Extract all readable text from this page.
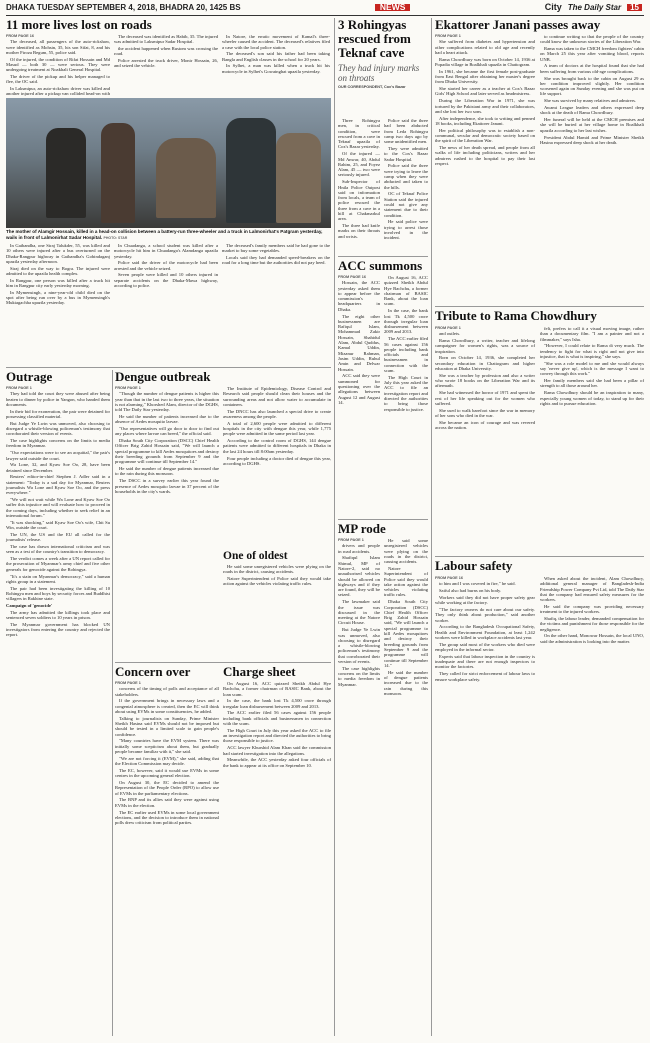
DHAKA TUESDAY SEPTEMBER 4, 2018, BHADRA 20, 1425 BS	NEWS	City The Daily Star	15
11 more lives lost on roads
FROM PAGE 16

The deceased, all passengers of the auto-rickshaw, were identified as Mohsin, 35, his son Sifat, 8, and his mother Firoza Begum, 55, police said.

Of the injured, the condition of Rifat Hossain and Md Masud — both 30 — were serious. They were undergoing treatment at Noakhali General Hospital.

The driver of the pickup and his helper managed to flee, the OC said.

In Laksmipur, an auto-rickshaw driver was killed and another injured after a pickup van collided head-on with

The deceased was identified as Habib, 35. The injured was admitted to Laksmipur Sadar Hospital.

the accident happened when Rustom was crossing the road.

Police arrested the truck driver, Monir Hossain, 26, and seized the vehicle.

In Natore, the erratic movement of Kamal's three-wheeler caused the accident. The deceased's relatives filed a case with the local police station.

The deceased's son said his father had been taking Bangla and English classes in the school for 20 years.

In Sylhet, a man was killed when a truck hit his motorcycle in Sylhet's Gowainghat upazila yesterday.

The mother of Alamgir Hossain, killed in a head-on collision between a battery-run three-wheeler and a truck in Lalmonirhat's Patgram yesterday, wails in front of Lalmonirhat Sadar Hospital. PHOTO: STAR

In Gaibandha, one Siraj Talukder, 55, was killed and 10 others were injured after a bus overturned on the Dhaka-Rangpur highway in Gaibandha's Gobindaganj upazila yesterday afternoon.

Siraj died on the way to Bogra. The injured were admitted to the upazila health complex.

In Rangpur, one person was killed after a truck hit him in Rangpur city early yesterday morning.

In Mymensingh, a nine-year-old child died on the spot after being run over by a bus in Mymensingh's Muktagachha upazila yesterday.

In Chuadanga, a school student was killed after a motorcycle hit him in Chuadanga's Alamdanga upazila yesterday.

Police said the driver of the motorcycle had been arrested and the vehicle seized.

Seven people were killed and 10 others injured in separate accidents on the Dhaka-Mawa highway, according to police.

The deceased's family members said he had gone to the market to buy some vegetables.

Locals said they had demanded speed-breakers on the road for a long time but the authorities did not pay heed.

Outrage
FROM PAGE 1

They had told the court they were abused after being beaten to dinner by police in Yangon, who handed them documents.

In their bid for exoneration, the pair were detained for possessing classified material.

But Judge Ye Lwin was unmoved, also choosing to disregard a whistle-blowing policeman's testimony that corroborated their version of events.

The case highlights concerns on the limits to media freedom in Myanmar.

"Our expectations were to see an acquittal," the pair's lawyer said outside the court.

Wa Lone, 32, and Kyaw Soe Oo, 28, have been detained since December.

Reuters' editor-in-chief Stephen J. Adler said in a statement: "Today is a sad day for Myanmar, Reuters journalists Wa Lone and Kyaw Soe Oo, and the press everywhere."

"We will not wait while Wa Lone and Kyaw Soe Oo suffer this injustice and will evaluate how to proceed in the coming days, including whether to seek relief in an international forum."

"It was shocking," said Kyaw Soe Oo's wife, Chit Su Win, outside the court.

The UN, the US and the EU all called for the journalists' release.

The case has drawn international criticism and was seen as a test of the country's transition to democracy.

The verdict comes a week after a UN report called for the prosecution of Myanmar's army chief and five other generals for genocide against the Rohingya.

"It's a stain on Myanmar's democracy," said a human rights group in a statement.

The pair had been investigating the killing of 10 Rohingya men and boys by security forces and Buddhist villagers in Rakhine state.

Campaign of 'genocide'

The army has admitted the killings took place and sentenced seven soldiers to 10 years in prison.

The Myanmar government has blocked UN investigators from entering the country and rejected the report.

Dengue outbreak
FROM PAGE 1

"Though the number of dengue patients is higher this year than that in the last two to three years, the situation is not alarming," Khorshed Alam, director of the DGHS, told The Daily Star yesterday.

He said the number of patients increased due to the absence of Aedes mosquito larvae.

"Our representatives will go door to door to find out any places where larvae can breed," the official said.

Dhaka South City Corporation (DSCC) Chief Health Officer Brig Zahid Hossain said, "We will launch a special programme to kill Aedes mosquitoes and destroy their breeding grounds from September 9 and the programme will continue till September 14."

He said the number of dengue patients increased due to the rain during this monsoon.

The DSCC in a survey earlier this year found the presence of Aedes mosquito larvae in 37 percent of the households in the city's wards.

The Institute of Epidemiology, Disease Control and Research said people should clean their houses and the surrounding areas and not allow water to accumulate in containers.

The DNCC has also launched a special drive to create awareness among the people.

A total of 2,600 people were admitted to different hospitals in the city with dengue this year, while 1,775 people were admitted in the same period last year.

According to the control room of DGHS, 144 dengue patients were admitted to different hospitals in Dhaka in the last 24 hours till 8:00am yesterday.

Four people including a doctor died of dengue this year, according to DGHS.

One of oldest

He said some unregistered vehicles were plying on the roads in the district, causing accidents.

Natore Superintendent of Police said they would take action against the vehicles violating traffic rules.

Concern over
FROM PAGE 1

concerns of the timing of polls and acceptance of all stakeholders.

If the government brings in necessary laws and a congenial atmosphere is created, then the EC will think about using EVMs in some constituencies, he added.

Talking to journalists on Sunday, Prime Minister Sheikh Hasina said EVMs should not be imposed but should be tested in a limited scale to gain people's confidence.

"Many countries have the EVM system. There was initially some scepticism about them, but gradually people became familiar with it," she said.

"We are not forcing it (EVM)," she said, adding that the Election Commission may decide.

The EC, however, said it would use EVMs in some centres in the upcoming general election.

On August 30, the EC decided to amend the Representation of the People Order (RPO) to allow use of EVMs in the parliamentary elections.

The BNP and its allies said they were against using EVMs in the election.

The EC earlier used EVMs in some local government elections, and the decision to introduce them in national polls drew criticism from political parties.

Charge sheet

On August 16, ACC quizzed Sheikh Abdul Hye Bachchu, a former chairman of BASIC Bank, about the loan scam.

In the case, the bank lost Tk 4,500 crore through irregular loan disbursement between 2009 and 2013.

The ACC earlier filed 56 cases against 156 people including bank officials and businessmen in connection with the scam.

The High Court in July this year asked the ACC to file an investigation report and directed the authorities to bring those responsible to justice.

ACC lawyer Khurshid Alam Khan said the commission had started investigation into the allegations.

Meanwhile, the ACC yesterday asked four officials of the bank to appear at its office on September 10.

3 Rohingyas rescued from Teknaf cave
They had injury marks on throats
OUR CORRESPONDENT, Cox's Bazar

Three Rohingya men, in critical condition, were rescued from a cave in Teknaf upazila of Cox's Bazar yesterday.

Of the injured — Md Anwar, 40, Abdul Rahim, 25, and Foyez Alam, 45 — two were seriously injured.

Sub-Inspector of Hnila Police Outpost said on information from locals, a team of police rescued the three from a cave in a hill at Chakmarkul area.

The three had knife marks on their throats and wrists.

Police said the three had been abducted from Leda Rohingya camp two days ago by some unidentified men.

They were admitted to the Cox's Bazar Sadar Hospital.

Police said the three were trying to leave the camp when they were abducted and taken to the hills.

OC of Teknaf Police Station said the injured could not give any statement due to their condition.

He said police were trying to arrest those involved in the incident.

ACC summons
FROM PAGE 16

Hossain, the ACC yesterday asked them to appear before the commission's headquarters in Dhaka.

The eight other businessmen are Rafiqul Islam, Mohammad Zakir Hossain, Shahidul Alam, Abdul Quddus, Kamal Uddin, Mizanur Rahman, Jasim Uddin, Ruhul Amin and Delwar Hossain.

ACC said they were summoned for questioning over the allegations between August 12 and August 14.

On August 16, ACC quizzed Sheikh Abdul Hye Bachchu, a former chairman of BASIC Bank, about the loan scam.

In the case, the bank lost Tk 4,500 crore through irregular loan disbursement between 2009 and 2013.

The ACC earlier filed 56 cases against 156 people including bank officials and businessmen in connection with the scam.

The High Court in July this year asked the ACC to file an investigation report and directed the authorities to bring those responsible to justice.

MP rode
FROM PAGE 1

drivers and people in road accidents.

Shafiqul Islam Shimul, MP of Natore-2, said no unauthorised vehicles should be allowed on highways and if they are found, they will be seized.

The lawmaker said the issue was discussed in the meeting at the Natore Circuit House.

But Judge Ye Lwin was unmoved, also choosing to disregard a whistle-blowing policeman's testimony that corroborated their version of events.

The case highlights concerns on the limits to media freedom in Myanmar.

He said some unregistered vehicles were plying on the roads in the district, causing accidents.

Natore Superintendent of Police said they would take action against the vehicles violating traffic rules.

Dhaka South City Corporation (DSCC) Chief Health Officer Brig Zahid Hossain said, "We will launch a special programme to kill Aedes mosquitoes and destroy their breeding grounds from September 9 and the programme will continue till September 14."

He said the number of dengue patients increased due to the rain during this monsoon.

Ekattorer Janani passes away
FROM PAGE 1

She suffered from diabetes and hypertension and other complications related to old age and recently had a heart attack.

Rama Chowdhury was born on October 14, 1936 at Popadia village in Boalkhali upazila in Chattogram.

In 1961, she became the first female post-graduate from East Bengal after obtaining her master's degree from Dhaka University.

She started her career as a teacher at Cox's Bazar Girls' High School and later served as headmistress.

During the Liberation War in 1971, she was tortured by the Pakistani army and their collaborators, and she lost her two sons.

After independence, she took to writing and penned 18 books, including Ekattorer Janani.

Her political philosophy was to establish a non-communal, secular and democratic society based on the spirit of the Liberation War.

The news of her death spread, and people from all walks of life including politicians, writers and her admirers rushed to the hospital to pay their last respect.

to continue writing so that the people of the country could know the unknown stories of the Liberation War.

Rama was taken to the CMCH freedom fighters' cabin on March 25 this year after vomiting blood, reports UNB.

A team of doctors at the hospital found that she had been suffering from various old-age complications.

She was brought back to the cabin on August 29 as her condition improved slightly. Her condition worsened again on Sunday evening and she was put on life support.

She was survived by many relatives and admirers.

Awami League leaders and others expressed deep shock at the death of Rama Chowdhury.

Her funeral will be held at the CMCH premises and she will be buried at her village home in Boalkhali upazila according to her last wishes.

President Abdul Hamid and Prime Minister Sheikh Hasina expressed deep shock at her death.

Tribute to Rama Chowdhury
FROM PAGE 1

and outlets.

Rama Chowdhury, a writer, teacher and lifelong campaigner for women's rights, was a source of inspiration.

Born on October 14, 1936, she completed her secondary education in Chattogram and higher education at Dhaka University.

She was a teacher by profession and also a writer who wrote 18 books on the Liberation War and its aftermath.

She had witnessed the horror of 1971 and spent the rest of her life speaking out for the women who suffered.

She used to walk barefoot since the war in memory of her sons who died in the war.

She became an icon of courage and was revered across the nation.

felt, prefers to call it a visual moving image, rather than a documentary film. "I am a painter and not a filmmaker," says Isha.

"However, I could relate to Rama di very much. The tendency to fight for what is right and not give into injustice, that is what is inspiring," she says.

"She was a role model to me and she would always say 'never give up', which is the message I want to convey through this work."

Her family members said she had been a pillar of strength to all those around her.

Rama Chowdhury should be an inspiration to many, especially young women of today, to stand up for their rights and to pursue education.

Labour safety
FROM PAGE 16

to him and I was covered in fire," he said.

Saiful also had burns on his body.

Workers said they did not have proper safety gear while working at the factory.

"The factory owners do not care about our safety. They only think about production," said another worker.

According to the Bangladesh Occupational Safety, Health and Environment Foundation, at least 1,242 workers were killed in workplace accidents last year.

The group said most of the workers who died were employed in the informal sector.

Experts said that labour inspection in the country is inadequate and there are not enough inspectors to monitor the factories.

They called for strict enforcement of labour laws to ensure workplace safety.

When asked about the incident, Alam Chowdhury, additional general manager of Bangladesh-India Friendship Power Company Pvt Ltd, told The Daily Star that the company had ensured safety measures for the workers.

He said the company was providing necessary treatment to the injured workers.

Shafiq, the labour leader, demanded compensation for the victims and punishment for those responsible for the negligence.

On the other hand, Monowar Hossain, the local UNO, said the administration is looking into the matter.
